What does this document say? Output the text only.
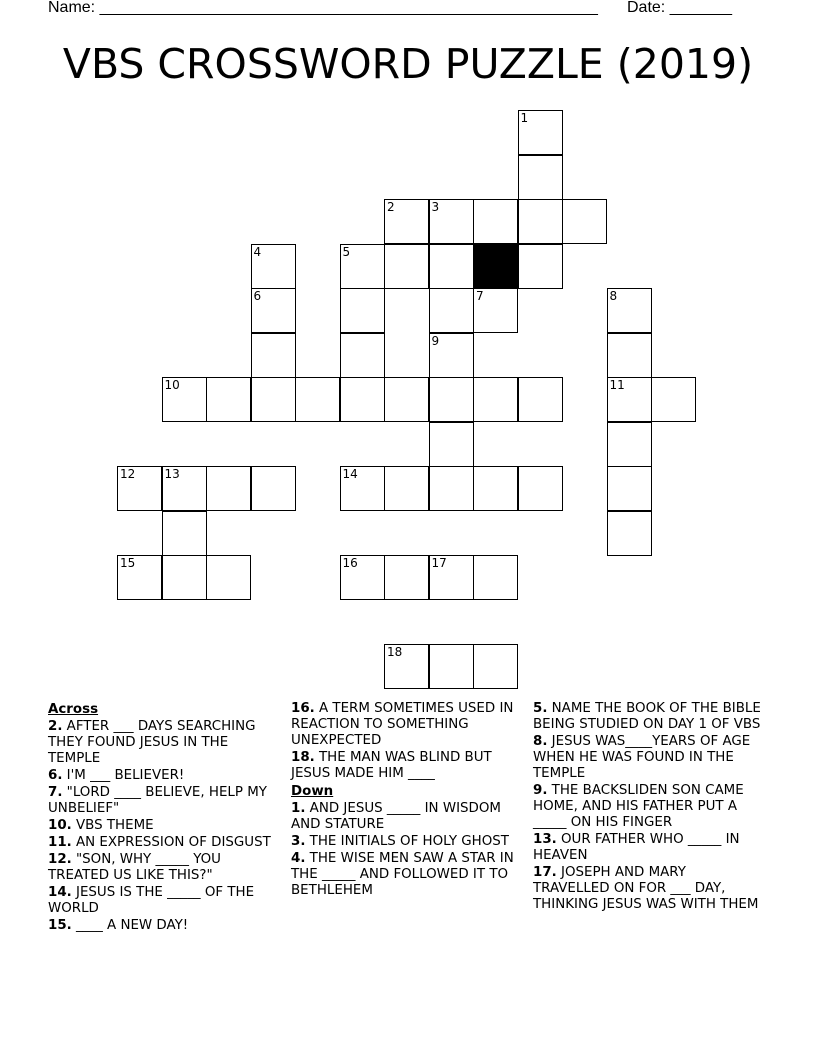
Name: ________________________________________________________ Date: _______
VBS CROSSWORD PUZZLE (2019)
1
2	3
4	5
6	7	8
9
10	11
12 13	14
15	16	17
18
Across
2. AFTER ___ DAYS SEARCHING THEY FOUND JESUS IN THE TEMPLE
6. I'M ___ BELIEVER!
7. "LORD ____ BELIEVE, HELP MY UNBELIEF"
10. VBS THEME
11. AN EXPRESSION OF DISGUST
12. "SON, WHY _____ YOU TREATED US LIKE THIS?"
14. JESUS IS THE _____ OF THE WORLD
15. ____ A NEW DAY!
16. A TERM SOMETIMES USED IN REACTION TO SOMETHING UNEXPECTED
18. THE MAN WAS BLIND BUT JESUS MADE HIM ____
Down
1. AND JESUS _____ IN WISDOM AND STATURE
3. THE INITIALS OF HOLY GHOST
4. THE WISE MEN SAW A STAR IN THE _____ AND FOLLOWED IT TO BETHLEHEM
5. NAME THE BOOK OF THE BIBLE BEING STUDIED ON DAY 1 OF VBS
8. JESUS WAS____YEARS OF AGE WHEN HE WAS FOUND IN THE TEMPLE
9. THE BACKSLIDEN SON CAME HOME, AND HIS FATHER PUT A _____ ON HIS FINGER
13. OUR FATHER WHO _____ IN HEAVEN
17. JOSEPH AND MARY TRAVELLED ON FOR ___ DAY, THINKING JESUS WAS WITH THEM
